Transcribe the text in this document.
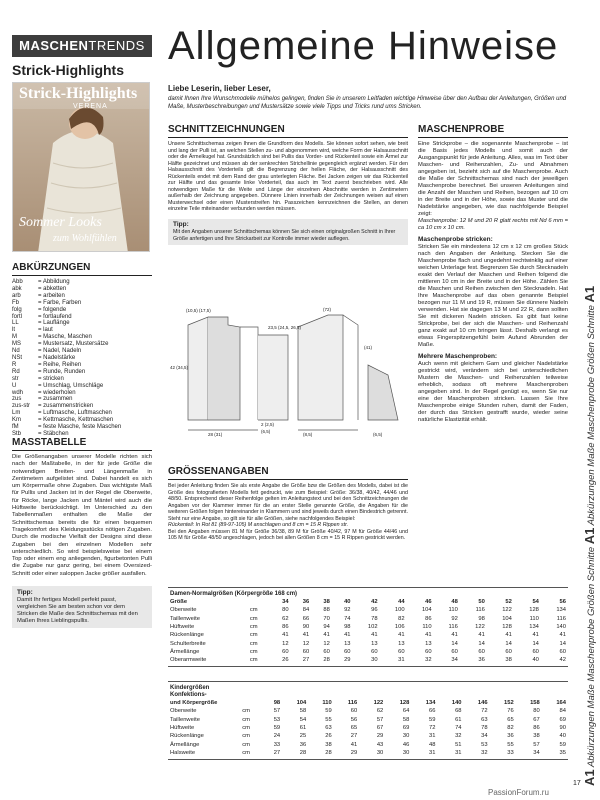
MASCHENTRENDS
Strick-Highlights
Strick-Highlights
VERENA
Sommer Looks
zum Wohlfühlen
ABKÜRZUNGEN
Abb	= Abbildung
abk	= abketten
arb	= arbeiten
Fb	= Farbe, Farben
folg	= folgende
fortl	= fortlaufend
LL	= Lauflänge
lt	= laut
M	= Masche, Maschen
MS	= Mustersatz, Mustersätze
Nd	= Nadel, Nadeln
NSt	= Nadelstärke
R	= Reihe, Reihen
Rd	= Runde, Runden
str	= stricken
U	= Umschlag, Umschläge
wdh	= wiederholen
zus	= zusammen
zus-str	= zusammenstricken
Lm	= Luftmasche, Luftmaschen
Km	= Kettmasche, Kettmaschen
fM	= feste Masche, feste Maschen
Stb	= Stäbchen
MASSTABELLE
Die Größenangaben unserer Modelle richten sich nach der Maßtabelle, in der für jede Größe die notwendigen Breiten- und Längenmaße in Zentimetern aufgelistet sind. Dabei handelt es sich um Körpermaße ohne Zugaben. Das wichtigste Maß für Pullis und Jacken ist in der Regel die Oberweite, für Röcke, lange Jacken und Mäntel wird auch die Hüftweite berücksichtigt. Im Unterschied zu den Tabellenmaßen enthalten die Maße der Schnittschemas bereits die für einen bequemen Tragekomfort des Kleidungsstücks nötigen Zugaben. Durch die modische Vielfalt der Designs sind diese Zugaben bei den einzelnen Modellen sehr unterschiedlich. So wird beispielsweise bei einem Top oder einem eng anliegenden, figurbetonten Pulli die Zugabe nur ganz gering, bei einem Oversized-Schnitt oder einer saloppen Jacke größer ausfallen.
Tipp:
Damit Ihr fertiges Modell perfekt passt, vergleichen Sie am besten schon vor dem Stricken die Maße des Schnittschemas mit den Maßen Ihres Lieblingspullis.
Allgemeine Hinweise
Liebe Leserin, lieber Leser,
damit Ihnen Ihre Wunschmodelle mühelos gelingen, finden Sie in unserem Leitfaden wichtige Hinweise über den Aufbau der Anleitungen, Größen und Maße, Musterbeschreibungen und Mustersätze sowie viele Tipps und Tricks rund ums Stricken.
SCHNITTZEICHNUNGEN
Unsere Schnittschemas zeigen Ihnen die Grundform des Modells. Sie können sofort sehen, wie breit und lang der Pulli ist, an welchen Stellen zu- und abgenommen wird, welche Form der Halsausschnitt oder die Ärmelkugel hat. Grundsätzlich sind bei Pullis das Vorder- und Rückenteil sowie ein Ärmel zur Hälfte gezeichnet und müssen ab der senkrechten Strichellinie gegengleich ergänzt werden. Für den Halsausschnitt des Vorderteils gilt die Begrenzung der hellen Fläche, der Halsausschnitt des Rückenteils endet mit dem Rand der grau unterlegten Fläche. Bei Jacken zeigen wir das Rückenteil zur Hälfte und das gesamte linke Vorderteil, das auch im Text zuerst beschrieben wird. Alle notwendigen Maße für die Weite und Länge der einzelnen Abschnitte werden in Zentimetern außerhalb der Zeichnung angegeben. Dünnere Linien innerhalb der Zeichnungen weisen auf einen Musterwechsel oder einen Musterstreifen hin. Passzeichen kennzeichnen die Stellen, an denen einzelne Teile miteinander verbunden werden müssen.
Tipp:
Mit den Angaben unserer Schnittschemas können Sie sich einen originalgroßen Schnitt in Ihrer Größe anfertigen und Ihre Strickarbeit zur Kontrolle immer wieder auflegen.
(10,5) (17,5)
23,5 (24,5, 26,5)
28 (31)
2 (2,5)
(6,5)
(72)
(8,5)	(6,5)
(41)
42 (34,5)
GRÖSSENANGABEN
Bei jeder Anleitung finden Sie als erste Angabe die Größe bzw die Größen des Modells, dabei ist die Größe des fotografierten Modells fett gedruckt, wie zum Beispiel: Größe: 36/38, 40/42, 44/46 und 48/50. Entsprechend dieser Reihenfolge gelten im Anleitungstext und bei den Schnittzeichnungen die Angaben vor der Klammer immer für die an erster Stelle genannte Größe, die Angaben für die weiteren Größen folgen hintereinander in Klammern und sind jeweils durch einen Bindestrich getrennt. Steht nur eine Angabe, so gilt sie für alle Größen, siehe nachfolgendes Beispiel:
Rückenteil: In Rot 81 (89-97-105) M anschlagen und 8 cm = 15 R Rippen str.
Bei den Angaben müssen 81 M für Größe 36/38, 89 M für Größe 40/42, 97 M für Größe 44/46 und 105 M für Größe 48/50 angeschlagen, jedoch bei allen Größen 8 cm = 15 R Rippen gestrickt werden.
MASCHENPROBE
Eine Strickprobe – die sogenannte Maschenprobe – ist die Basis jedes Modells und somit auch der Ausgangspunkt für jede Anleitung. Alles, was im Text über Maschen- und Reihenzahlen, Zu- und Abnahmen angegeben ist, bezieht sich auf die Maschenprobe. Auch die Maße der Schnittschemas sind nach der jeweiligen Maschenprobe berechnet. Bei unseren Anleitungen sind die Anzahl der Maschen und Reihen, bezogen auf 10 cm in der Breite und in der Höhe, sowie das Muster und die Nadelstärke angegeben, wie das nachfolgende Beispiel zeigt:
Maschenprobe: 12 M und 20 R glatt rechts mit Nd 6 mm = ca 10 cm x 10 cm.
Maschenprobe stricken:
Stricken Sie ein mindestens 12 cm x 12 cm großes Stück nach den Angaben der Anleitung. Stecken Sie die Maschenprobe flach und ungedehnt rechtwinklig auf einer weichen Unterlage fest. Begrenzen Sie durch Stecknadeln exakt den Verlauf der Maschen und Reihen folgend die mittleren 10 cm in der Breite und in der Höhe. Zählen Sie die Maschen und Reihen zwischen den Stecknadeln. Hat Ihre Maschenprobe auf das oben genannte Beispiel bezogen nur 11 M und 19 R, müssen Sie dünnere Nadeln verwenden. Hat sie dagegen 13 M und 22 R, dann sollten Sie mit dickeren Nadeln stricken. Es gibt fast keine Strickprobe, bei der sich die Maschen- und Reihenzahl ganz exakt auf 10 cm bringen lässt. Deshalb verlangt es etwas Fingerspitzengefühl beim Aufund Abrunden der Maße.
Mehrere Maschenproben:
Auch wenn mit gleichem Garn und gleicher Nadelstärke gestrickt wird, verändern sich bei unterschiedlichen Mustern die Maschen- und Reihenzahlen teilweise erheblich, sodass oft mehrere Maschenproben angegeben sind. In der Regel genügt es, wenn Sie nur eine der Maschenproben stricken. Lassen Sie Ihre Maschenprobe einige Stunden ruhen, damit der Faden, der durch das Stricken gestrafft wurde, wieder seine natürliche Elastizität erhält.
Damen-Normalgrößen (Körpergröße 168 cm)
Größe		34	36	38	40	42	44	46	48	50	52	54	56
Oberweite	cm	80	84	88	92	96	100	104	110	116	122	128	134
Taillenweite	cm	62	66	70	74	78	82	86	92	98	104	110	116
Hüftweite	cm	86	90	94	98	102	106	110	116	122	128	134	140
Rückenlänge	cm	41	41	41	41	41	41	41	41	41	41	41	41
Schulterbreite	cm	12	12	12	13	13	13	13	14	14	14	14	14
Ärmellänge	cm	60	60	60	60	60	60	60	60	60	60	60	60
Oberarmweite	cm	26	27	28	29	30	31	32	34	36	38	40	42
Kindergrößen
Konfektions-
und Körpergröße		98	104	110	116	122	128	134	140	146	152	158	164
Oberweite	cm	57	58	59	60	62	64	66	68	72	76	80	84
Taillenweite	cm	53	54	55	56	57	58	59	61	63	65	67	69
Hüftweite	cm	59	61	63	65	67	69	72	74	78	82	86	90
Rückenlänge	cm	24	25	26	27	29	30	31	32	34	36	38	40
Ärmellänge	cm	33	36	38	41	43	46	48	51	53	55	57	59
Halsweite	cm	27	28	28	29	30	30	31	31	32	33	34	35
A1 Abkürzungen Maße Maschenprobe Größen Schnitte A1 Abkürzungen Maße Maschenprobe Größen Schnitte A1
17
PassionForum.ru
